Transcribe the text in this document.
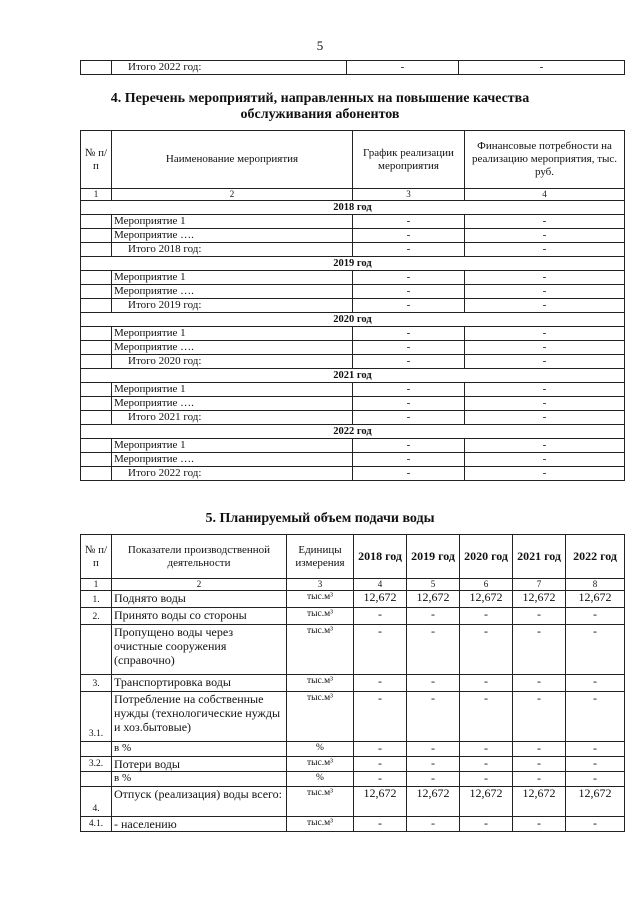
5
	Итого 2022 год:	-	-
4. Перечень мероприятий, направленных на повышение качества
обслуживания абонентов
№ п/п	Наименование мероприятия	График реализации мероприятия	Финансовые потребности на реализацию мероприятия, тыс. руб.
1	2	3	4
2018 год			
	Мероприятие 1	-	-
	Мероприятие ….	-	-
	Итого 2018 год:	-	-
2019 год			
	Мероприятие 1	-	-
	Мероприятие ….	-	-
	Итого 2019 год:	-	-
2020 год			
	Мероприятие 1	-	-
	Мероприятие ….	-	-
	Итого 2020 год:	-	-
2021 год			
	Мероприятие 1	-	-
	Мероприятие ….	-	-
	Итого 2021 год:	-	-
2022 год			
	Мероприятие 1	-	-
	Мероприятие ….	-	-
	Итого 2022 год:	-	-
5. Планируемый объем подачи воды
№ п/п	Показатели производственной деятельности	Единицы измерения	2018 год	2019 год	2020 год	2021 год	2022 год
1	2	3	4	5	6	7	8
1.	Поднято воды	тыс.м³	12,672	12,672	12,672	12,672	12,672
2.	Принято воды со стороны	тыс.м³	-	-	-	-	-
	Пропущено воды через очистные сооружения (справочно)	тыс.м³	-	-	-	-	-
3.	Транспортировка воды	тыс.м³	-	-	-	-	-
3.1.	Потребление на собственные нужды (технологические нужды и хоз.бытовые)	тыс.м³	-	-	-	-	-
	в %	%	-	-	-	-	-
3.2.	Потери воды	тыс.м³	-	-	-	-	-
	в %	%	-	-	-	-	-
4.	Отпуск (реализация) воды всего:	тыс.м³	12,672	12,672	12,672	12,672	12,672
4.1.	- населению	тыс.м³	-	-	-	-	-
